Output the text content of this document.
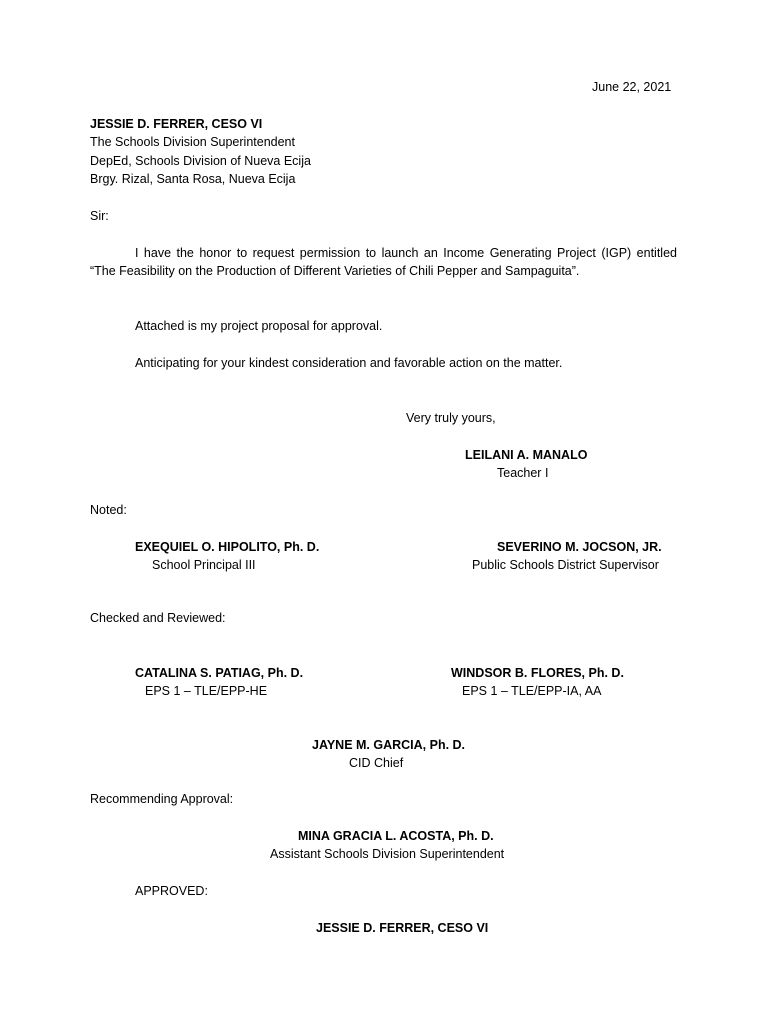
June 22, 2021
JESSIE D. FERRER, CESO VI
The Schools Division Superintendent
DepEd, Schools Division of Nueva Ecija
Brgy. Rizal, Santa Rosa, Nueva Ecija
Sir:
I have the honor to request permission to launch an Income Generating Project (IGP) entitled “The Feasibility on the Production of Different Varieties of Chili Pepper and Sampaguita”.
Attached is my project proposal for approval.
Anticipating for your kindest consideration and favorable action on the matter.
Very truly yours,
LEILANI A. MANALO
Teacher I
Noted:
EXEQUIEL O. HIPOLITO, Ph. D.
School Principal III
SEVERINO M. JOCSON, JR.
Public Schools District Supervisor
Checked and Reviewed:
CATALINA S. PATIAG, Ph. D.
EPS 1 – TLE/EPP-HE
WINDSOR B. FLORES, Ph. D.
EPS 1 – TLE/EPP-IA, AA
JAYNE M. GARCIA, Ph. D.
CID Chief
Recommending Approval:
MINA GRACIA L. ACOSTA, Ph. D.
Assistant Schools Division Superintendent
APPROVED:
JESSIE D. FERRER, CESO VI
